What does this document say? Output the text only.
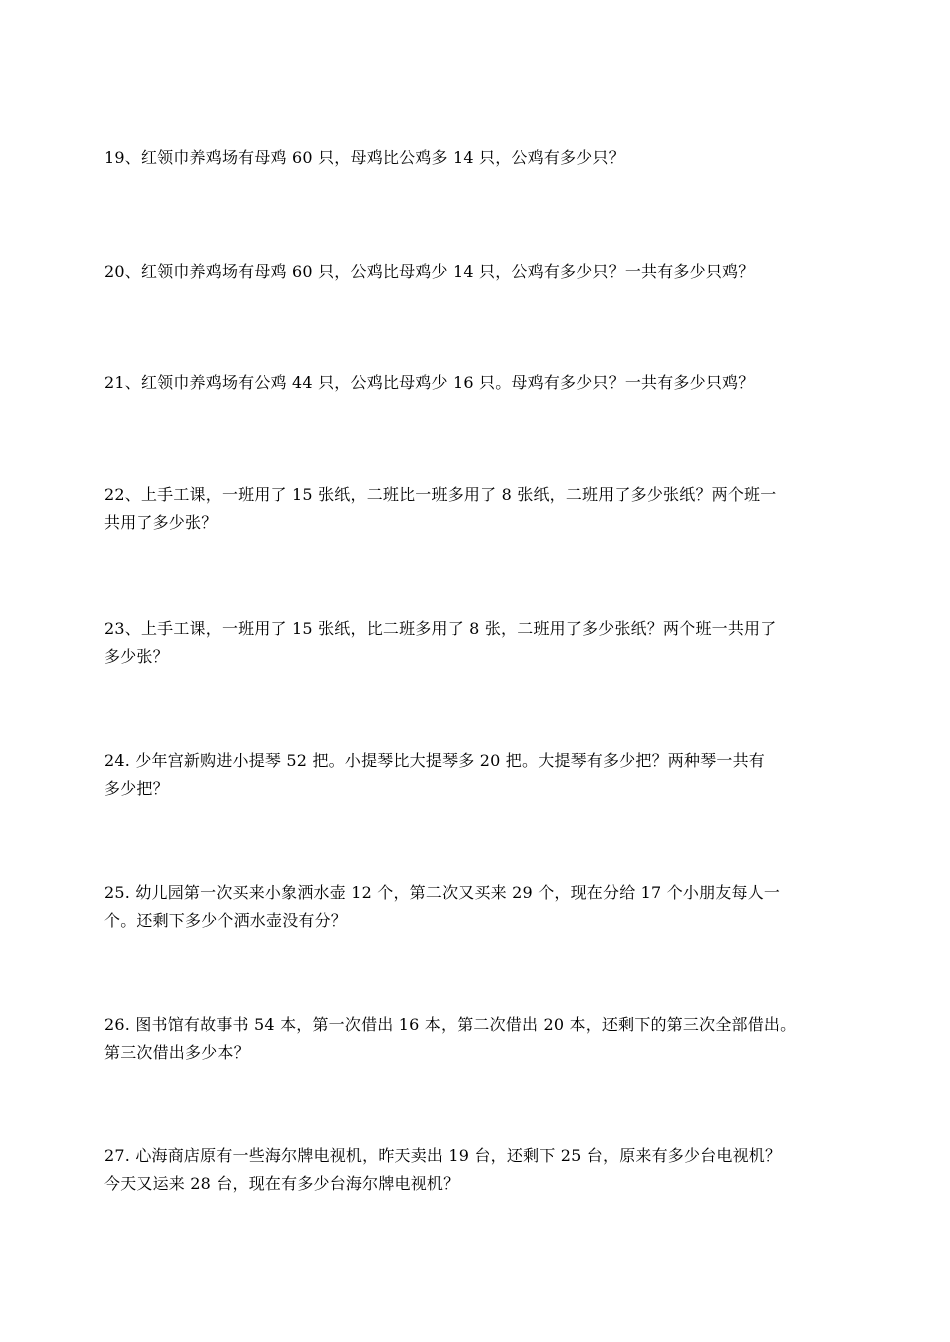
19、红领巾养鸡场有母鸡 60 只，母鸡比公鸡多 14 只，公鸡有多少只？

20、红领巾养鸡场有母鸡 60 只，公鸡比母鸡少 14 只，公鸡有多少只？一共有多少只鸡？

21、红领巾养鸡场有公鸡 44 只，公鸡比母鸡少 16 只。母鸡有多少只？一共有多少只鸡？

22、上手工课，一班用了 15 张纸，二班比一班多用了 8 张纸，二班用了多少张纸？两个班一
共用了多少张？

23、上手工课，一班用了 15 张纸，比二班多用了 8 张，二班用了多少张纸？两个班一共用了
多少张？

24. 少年宫新购进小提琴 52 把。小提琴比大提琴多 20 把。大提琴有多少把？两种琴一共有
多少把？

25. 幼儿园第一次买来小象洒水壶 12 个，第二次又买来 29 个，现在分给 17 个小朋友每人一
个。还剩下多少个洒水壶没有分？

26. 图书馆有故事书 54 本，第一次借出 16 本，第二次借出 20 本，还剩下的第三次全部借出。
第三次借出多少本？

27. 心海商店原有一些海尔牌电视机，昨天卖出 19 台，还剩下 25 台，原来有多少台电视机？
今天又运来 28 台，现在有多少台海尔牌电视机？
